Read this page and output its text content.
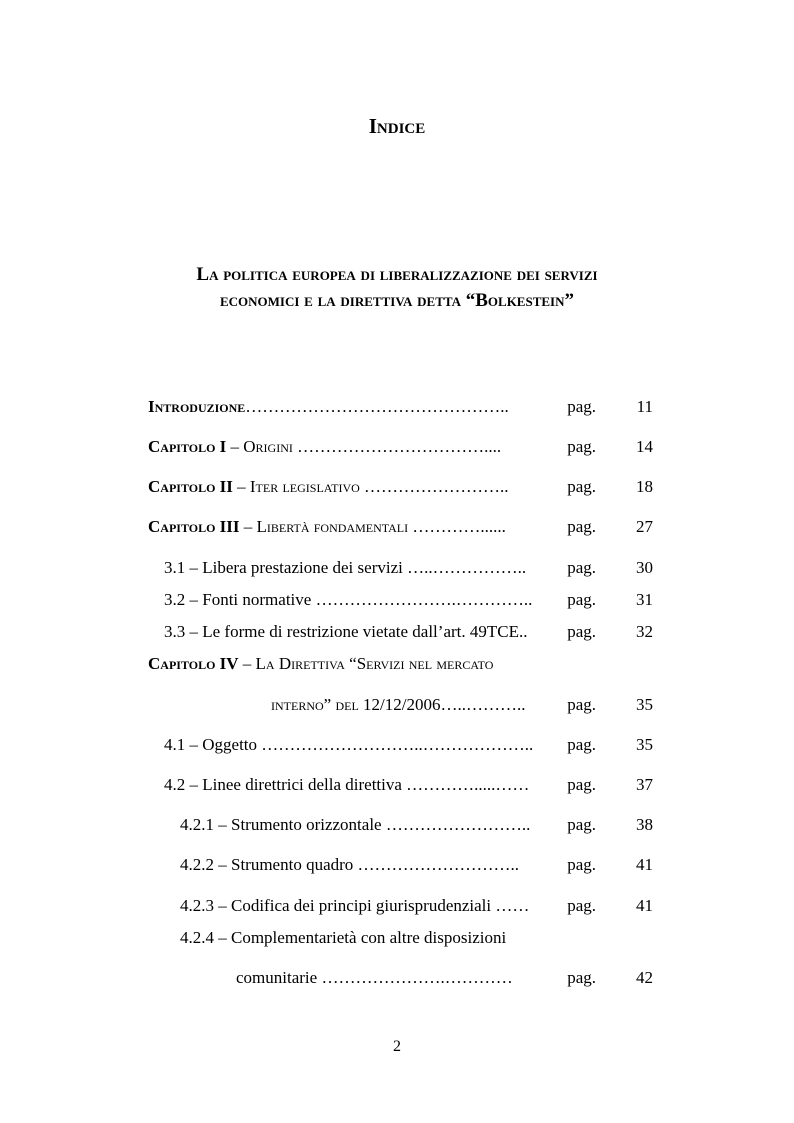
Indice
La politica europea di liberalizzazione dei servizi
economici e la direttiva detta “Bolkestein”
Introduzione………………………………………..	pag.	11
Capitolo I – Origini ……………………………....	pag.	14
Capitolo II – Iter legislativo ……………………..	pag.	18
Capitolo III – Libertà fondamentali …………......	pag.	27
3.1 – Libera prestazione dei servizi …..…………….. pag.	30
3.2 – Fonti normative …………………….………….. pag.	31
3.3 – Le forme di restrizione vietate dall’art. 49TCE.. pag.	32
Capitolo IV – La Direttiva “Servizi nel mercato
interno” del 12/12/2006…..……….. pag.	35
4.1 – Oggetto ………………………..……………….. pag.	35
4.2 – Linee direttrici della direttiva ………….....…… pag.	37
4.2.1 – Strumento orizzontale …………………….. pag.	38
4.2.2 – Strumento quadro ………………………..	pag.	41
4.2.3 – Codifica dei principi giurisprudenziali …… pag.	41
4.2.4 – Complementarietà con altre disposizioni
comunitarie ………………….…………	pag.	42
2
